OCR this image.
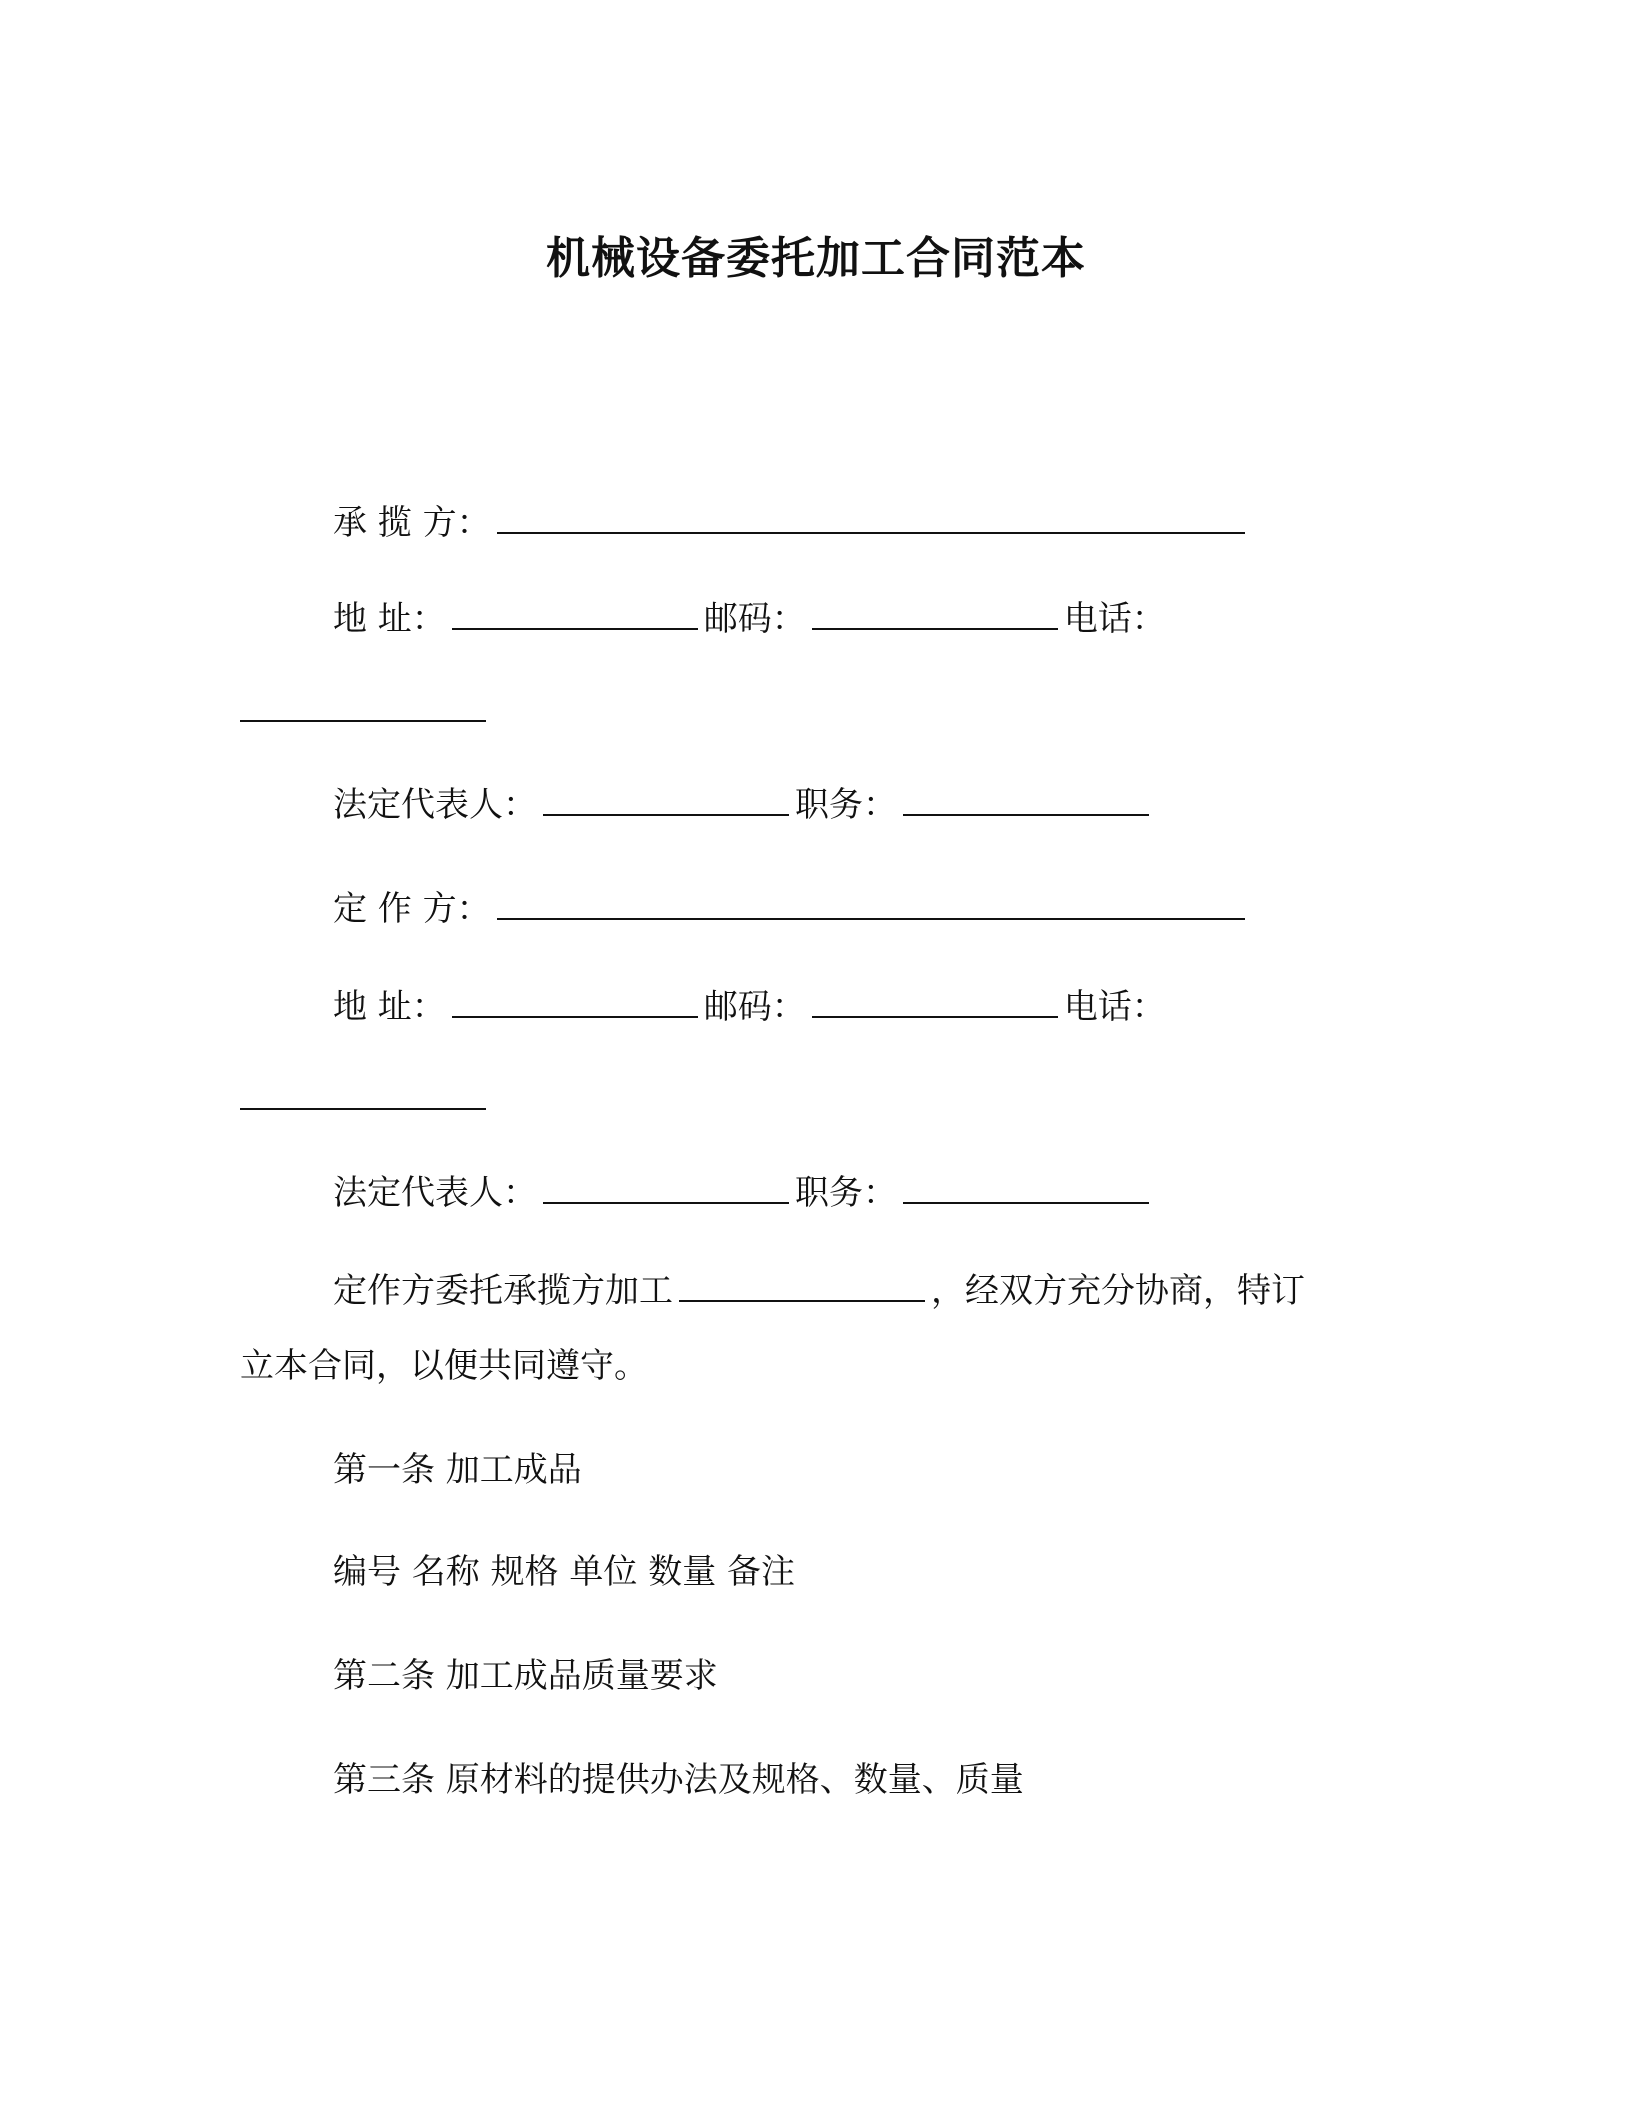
机械设备委托加工合同范本
承 揽 方：
地 址：	邮码：	电话：
法定代表人：	职务：
定 作 方：
地 址：	邮码：	电话：
法定代表人：	职务：
定作方委托承揽方加工	，经双方充分协商，特订
立本合同，以便共同遵守。
第一条 加工成品
编号 名称 规格 单位 数量 备注
第二条 加工成品质量要求
第三条 原材料的提供办法及规格、数量、质量
